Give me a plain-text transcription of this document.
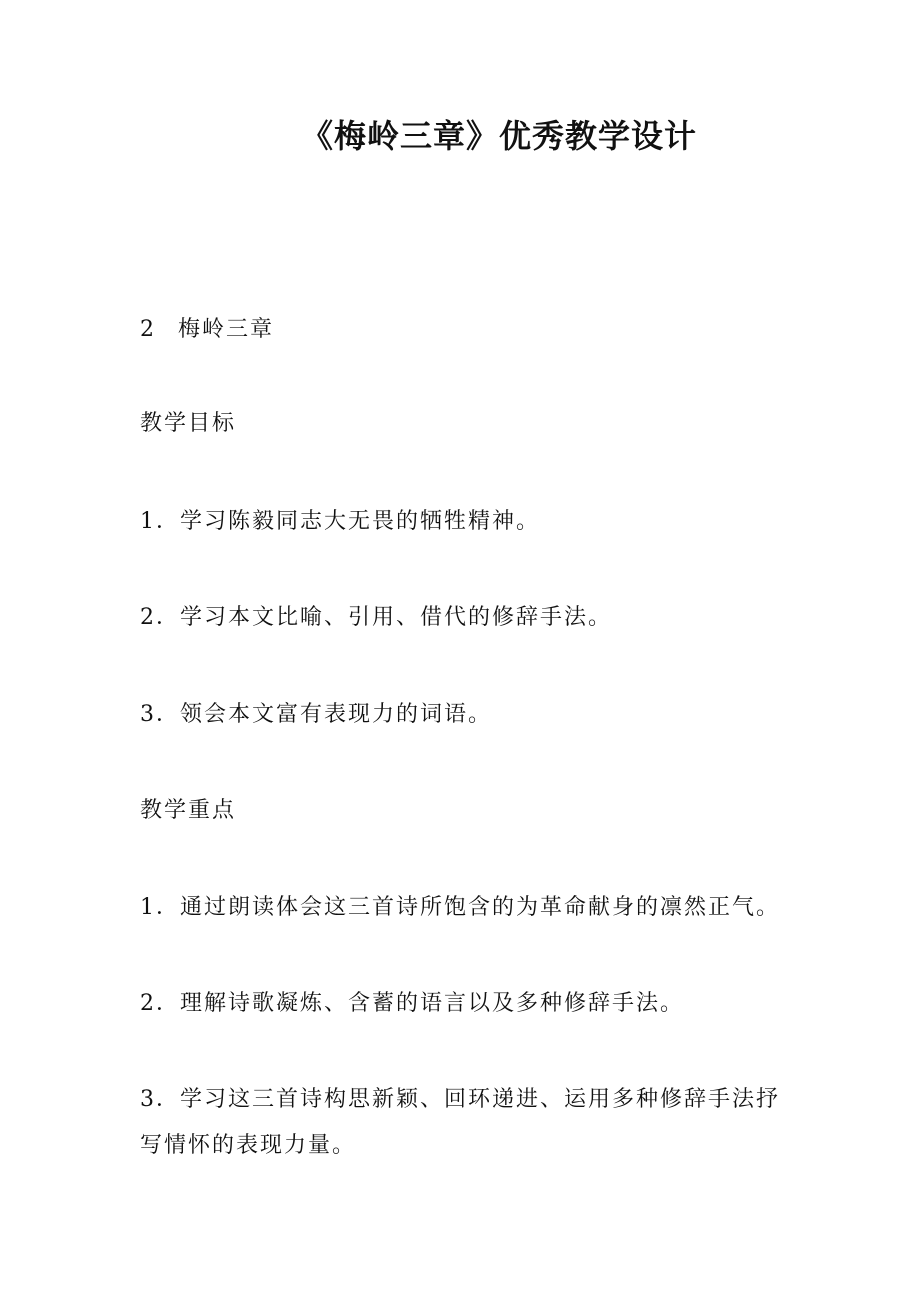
《梅岭三章》优秀教学设计
2 梅岭三章
教学目标
1．学习陈毅同志大无畏的牺牲精神。
2．学习本文比喻、引用、借代的修辞手法。
3．领会本文富有表现力的词语。
教学重点
1．通过朗读体会这三首诗所饱含的为革命献身的凛然正气。
2．理解诗歌凝炼、含蓄的语言以及多种修辞手法。
3．学习这三首诗构思新颖、回环递进、运用多种修辞手法抒写情怀的表现力量。
